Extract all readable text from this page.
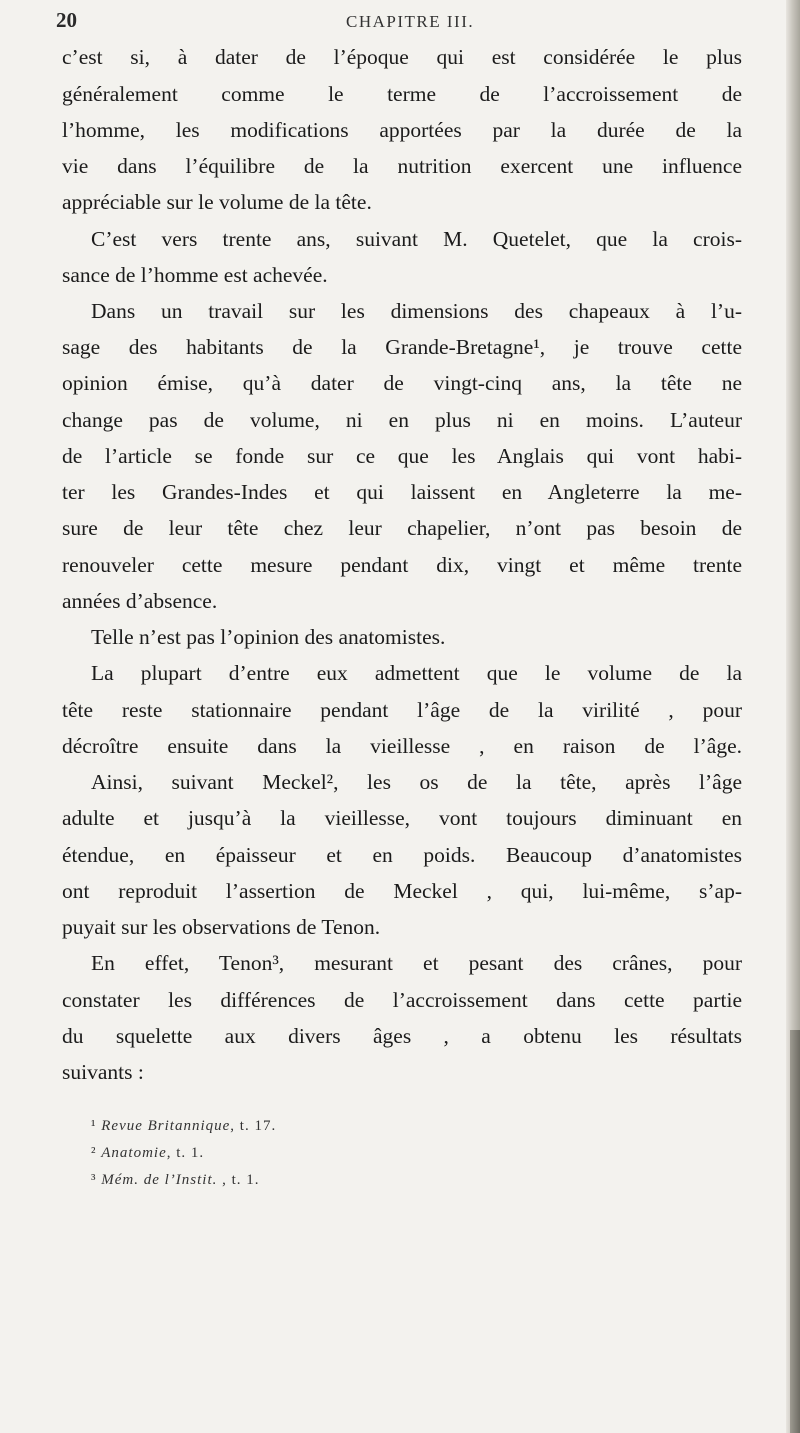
20	CHAPITRE III.

c’est si, à dater de l’époque qui est considérée le plus

généralement comme le terme de l’accroissement de

l’homme, les modifications apportées par la durée de la

vie dans l’équilibre de la nutrition exercent une influence

appréciable sur le volume de la tête.

C’est vers trente ans, suivant M. Quetelet, que la crois-

sance de l’homme est achevée.

Dans un travail sur les dimensions des chapeaux à l’u-

sage des habitants de la Grande-Bretagne¹, je trouve cette

opinion émise, qu’à dater de vingt-cinq ans, la tête ne

change pas de volume, ni en plus ni en moins. L’auteur

de l’article se fonde sur ce que les Anglais qui vont habi-

ter les Grandes-Indes et qui laissent en Angleterre la me-

sure de leur tête chez leur chapelier, n’ont pas besoin de

renouveler cette mesure pendant dix, vingt et même trente

années d’absence.

Telle n’est pas l’opinion des anatomistes.

La plupart d’entre eux admettent que le volume de la

tête reste stationnaire pendant l’âge de la virilité , pour

décroître ensuite dans la vieillesse , en raison de l’âge.

Ainsi, suivant Meckel², les os de la tête, après l’âge

adulte et jusqu’à la vieillesse, vont toujours diminuant en

étendue, en épaisseur et en poids. Beaucoup d’anatomistes

ont reproduit l’assertion de Meckel , qui, lui-même, s’ap-

puyait sur les observations de Tenon.

En effet, Tenon³, mesurant et pesant des crânes, pour

constater les différences de l’accroissement dans cette partie

du squelette aux divers âges , a obtenu les résultats

suivants :

¹ Revue Britannique, t. 17.
² Anatomie, t. 1.
³ Mém. de l’Instit. , t. 1.
